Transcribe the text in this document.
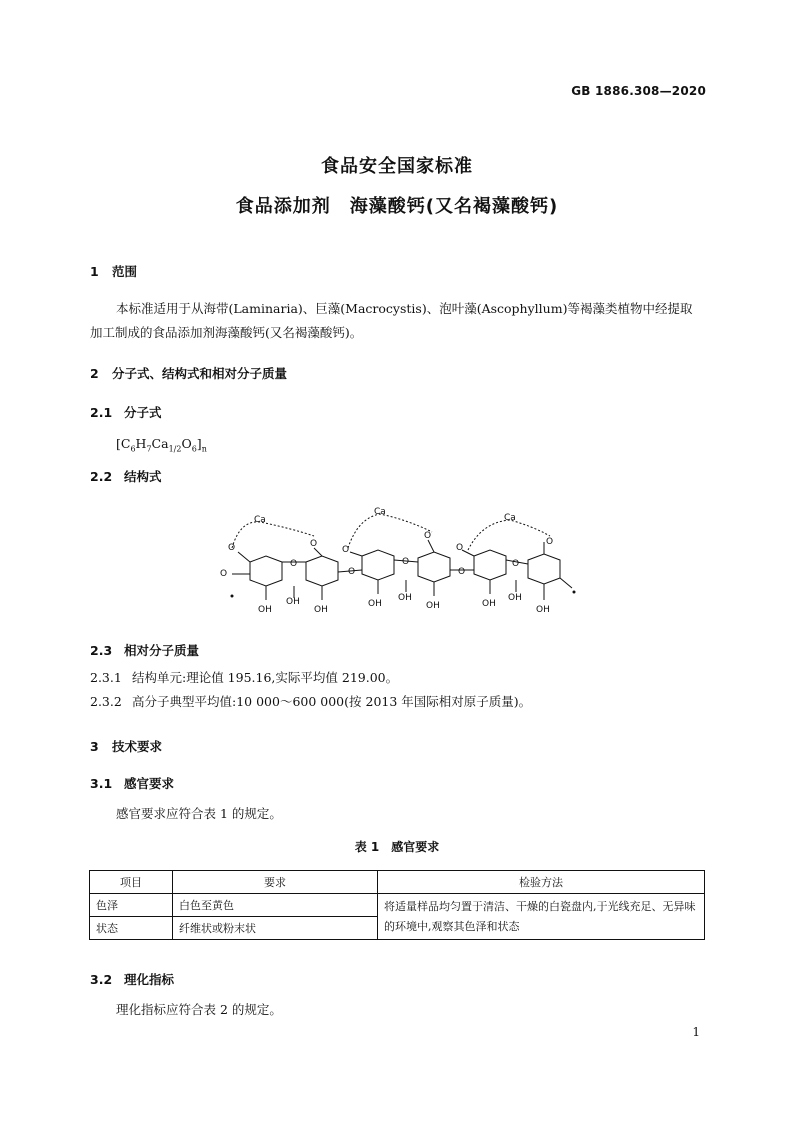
GB 1886.308—2020
食品安全国家标准
食品添加剂　海藻酸钙(又名褐藻酸钙)
1 范围
本标准适用于从海带(Laminaria)、巨藻(Macrocystis)、泡叶藻(Ascophyllum)等褐藻类植物中经提取加工制成的食品添加剂海藻酸钙(又名褐藻酸钙)。
2 分子式、结构式和相对分子质量
2.1 分子式
$[C_6H_7Ca_{1/2}O_6]_n$
2.2 结构式
Ca
Ca
Ca
O	O
O
O
O
O
O
O
O
O
O
O
OH
OH
OH
OH
OH
OH	OH
OH
OH
2.3 相对分子质量
2.3.1 结构单元:理论值 195.16,实际平均值 219.00。
2.3.2 高分子典型平均值:10 000～600 000(按 2013 年国际相对原子质量)。
3 技术要求
3.1 感官要求
感官要求应符合表 1 的规定。
表 1　感官要求
项目	要求	检验方法
色泽	白色至黄色	将适量样品均匀置于清洁、干燥的白瓷盘内,于光线充足、无异味的环境中,观察其色泽和状态
状态	纤维状或粉末状	
3.2 理化指标
理化指标应符合表 2 的规定。
1
